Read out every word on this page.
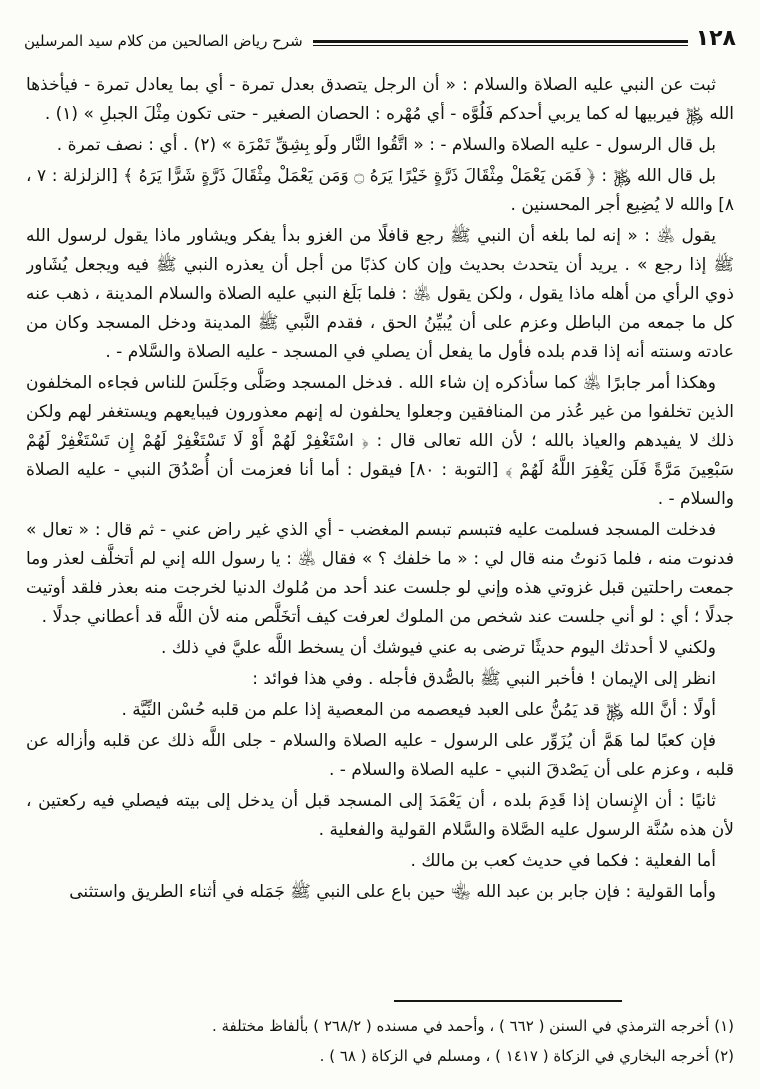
١٢٨
شرح رياض الصالحين من كلام سيد المرسلين

ثبت عن النبي عليه الصلاة والسلام : « أن الرجل يتصدق بعدل تمرة - أي بما يعادل تمرة - فيأخذها الله ﷿ فيربيها له كما يربي أحدكم فَلُوَّه - أي مُهْره : الحصان الصغير - حتى تكون مِثْلَ الجبلِ » (١) .

بل قال الرسول - عليه الصلاة والسلام - : « اتَّقُوا النَّار ولَو بِشِقِّ تَمْرَة » (٢) . أي : نصف تمرة .

بل قال الله ﷿ : ﴿ فَمَن يَعْمَلْ مِثْقَالَ ذَرَّةٍ خَيْرًا يَرَهُ ۝ وَمَن يَعْمَلْ مِثْقَالَ ذَرَّةٍ شَرًّا يَرَهُ ﴾ [الزلزلة : ٧ ، ٨] والله لا يُضِيع أجر المحسنين .

يقول ﵁ : « إنه لما بلغه أن النبي ﷺ رجع قافلًا من الغزو بدأ يفكر ويشاور ماذا يقول لرسول الله ﷺ إذا رجع » . يريد أن يتحدث بحديث وإن كان كذبًا من أجل أن يعذره النبي ﷺ فيه ويجعل يُشَاور ذوي الرأي من أهله ماذا يقول ، ولكن يقول ﵁ : فلما بَلَغ النبي عليه الصلاة والسلام المدينة ، ذهب عنه كل ما جمعه من الباطل وعزم على أن يُبيِّنُ الحق ، فقدم النَّبي ﷺ المدينة ودخل المسجد وكان من عادته وسنته أنه إذا قدم بلده فأول ما يفعل أن يصلي في المسجد - عليه الصلاة والسَّلام - .

وهكذا أمر جابرًا ﵁ كما سأذكره إن شاء الله . فدخل المسجد وصَلَّى وجَلَسَ للناس فجاءه المخلفون الذين تخلفوا من غير عُذر من المنافقين وجعلوا يحلفون له إنهم معذورون فيبايعهم ويستغفر لهم ولكن ذلك لا يفيدهم والعياذ بالله ؛ لأن الله تعالى قال : ﴿ اسْتَغْفِرْ لَهُمْ أَوْ لَا تَسْتَغْفِرْ لَهُمْ إِن تَسْتَغْفِرْ لَهُمْ سَبْعِينَ مَرَّةً فَلَن يَغْفِرَ اللَّهُ لَهُمْ ﴾ [التوبة : ٨٠] فيقول : أما أنا فعزمت أن أُصْدُقَ النبي - عليه الصلاة والسلام - .

فدخلت المسجد فسلمت عليه فتبسم تبسم المغضب - أي الذي غير راض عني - ثم قال : « تعال » فدنوت منه ، فلما دَنوتُ منه قال لي : « ما خلفك ؟ » فقال ﵁ : يا رسول الله إني لم أتخلَّف لعذر وما جمعت راحلتين قبل غزوتي هذه وإني لو جلست عند أحد من مُلوك الدنيا لخرجت منه بعذر فلقد أوتيت جدلًا ؛ أي : لو أني جلست عند شخص من الملوك لعرفت كيف أتخَلَّص منه لأن اللَّه قد أعطاني جدلًا .

ولكني لا أحدثك اليوم حديثًا ترضى به عني فيوشك أن يسخط اللَّه عليَّ في ذلك .

انظر إلى الإيمان ! فأخبر النبي ﷺ بالصُّدق فأجله . وفي هذا فوائد :

أولًا : أنَّ الله ﷿ قد يَمُنُّ على العبد فيعصمه من المعصية إذا علم من قلبه حُسْن النِّيَّة .

فإن كعبًا لما هَمَّ أن يُزَوِّر على الرسول - عليه الصلاة والسلام - جلى اللَّه ذلك عن قلبه وأزاله عن قلبه ، وعزم على أن يَصْدقَ النبي - عليه الصلاة والسلام - .

ثانيًا : أن الإِنسان إذا قَدِمَ بلده ، أن يَعْمَدَ إلى المسجد قبل أن يدخل إلى بيته فيصلي فيه ركعتين ، لأن هذه سُنَّة الرسول عليه الصَّلاة والسَّلام القولية والفعلية .

أما الفعلية : فكما في حديث كعب بن مالك .

وأما القولية : فإن جابر بن عبد الله ﵄ حين باع على النبي ﷺ جَمَله في أثناء الطريق واستثنى

(١) أخرجه الترمذي في السنن ( ٦٦٢ ) ، وأحمد في مسنده ( ٢٦٨/٢ ) بألفاظ مختلفة .
(٢) أخرجه البخاري في الزكاة ( ١٤١٧ ) ، ومسلم في الزكاة ( ٦٨ ) .
